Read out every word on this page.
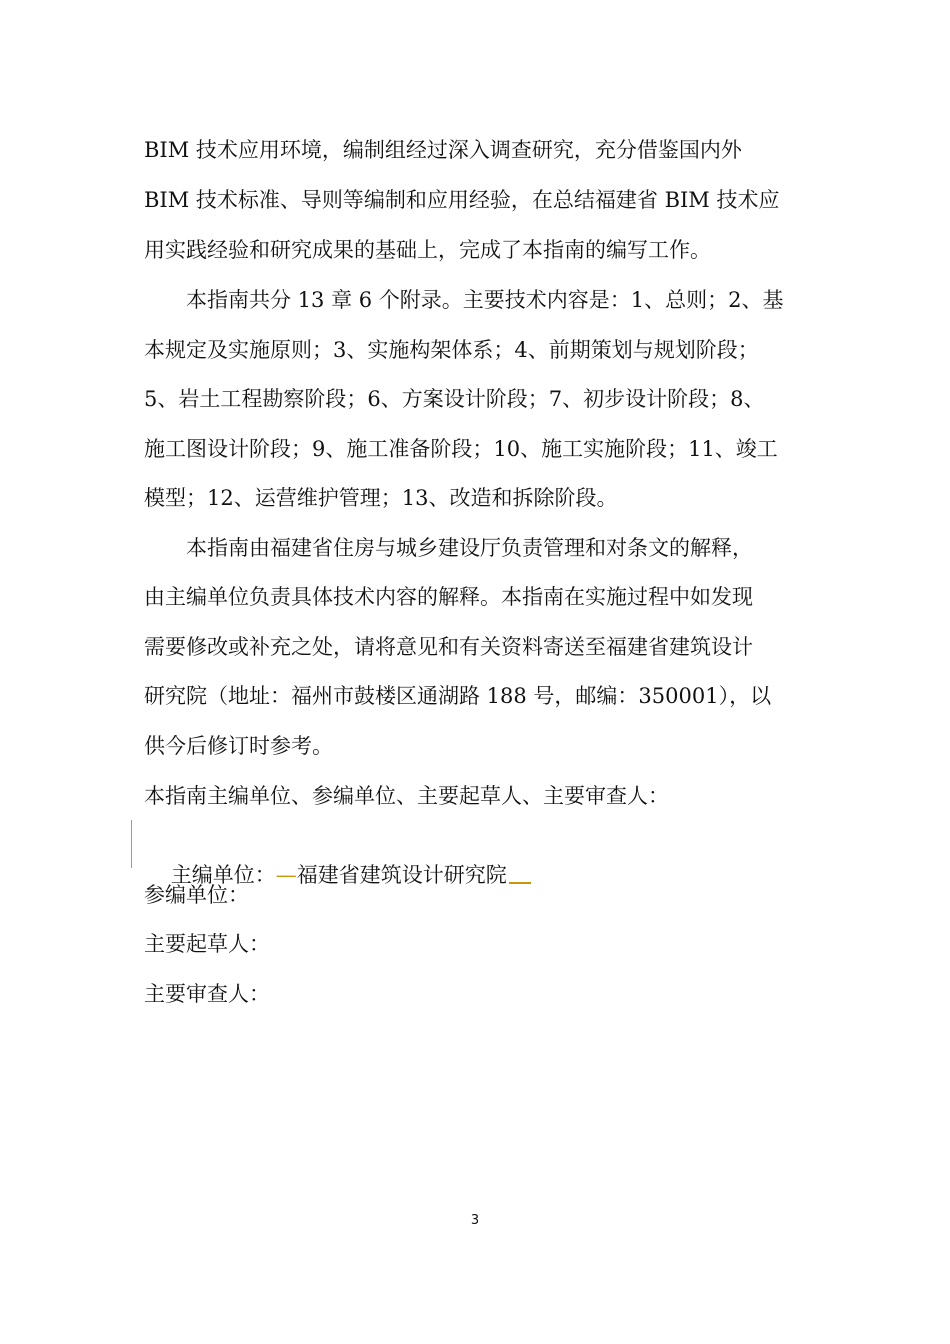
BIM 技术应用环境，编制组经过深入调查研究，充分借鉴国内外
BIM 技术标准、导则等编制和应用经验，在总结福建省 BIM 技术应
用实践经验和研究成果的基础上，完成了本指南的编写工作。
本指南共分 13 章 6 个附录。主要技术内容是：1、总则；2、基
本规定及实施原则；3、实施构架体系；4、前期策划与规划阶段；
5、岩土工程勘察阶段；6、方案设计阶段；7、初步设计阶段；8、
施工图设计阶段；9、施工准备阶段；10、施工实施阶段；11、竣工
模型；12、运营维护管理；13、改造和拆除阶段。
本指南由福建省住房与城乡建设厅负责管理和对条文的解释，
由主编单位负责具体技术内容的解释。本指南在实施过程中如发现
需要修改或补充之处，请将意见和有关资料寄送至福建省建筑设计
研究院（地址：福州市鼓楼区通湖路 188 号，邮编：350001），以
供今后修订时参考。
本指南主编单位、参编单位、主要起草人、主要审查人：

主编单位：—福建省建筑设计研究院

参编单位：
主要起草人：
主要审查人：
3
